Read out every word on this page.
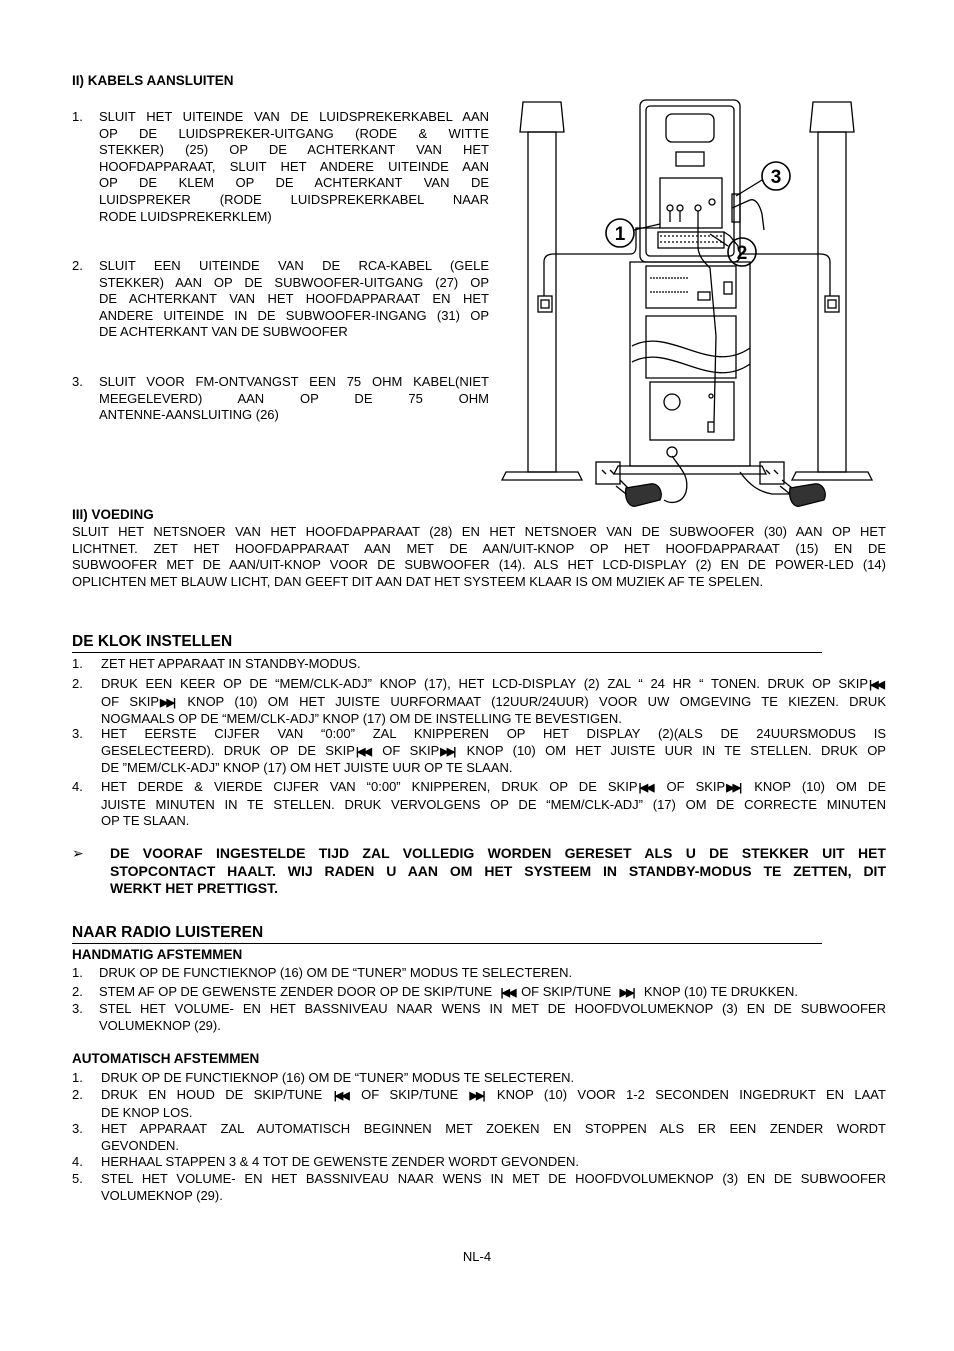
II) KABELS AANSLUITEN
1. SLUIT HET UITEINDE VAN DE LUIDSPREKERKABEL AAN
OP DE LUIDSPREKER-UITGANG (RODE & WITTE
STEKKER) (25) OP DE ACHTERKANT VAN HET
HOOFDAPPARAAT, SLUIT HET ANDERE UITEINDE AAN
OP DE KLEM OP DE ACHTERKANT VAN DE
LUIDSPREKER (RODE LUIDSPREKERKABEL NAAR
RODE LUIDSPREKERKLEM)
2. SLUIT EEN UITEINDE VAN DE RCA-KABEL (GELE
STEKKER) AAN OP DE SUBWOOFER-UITGANG (27) OP
DE ACHTERKANT VAN HET HOOFDAPPARAAT EN HET
ANDERE UITEINDE IN DE SUBWOOFER-INGANG (31) OP
DE ACHTERKANT VAN DE SUBWOOFER
3. SLUIT VOOR FM-ONTVANGST EEN 75 OHM KABEL(NIET
MEEGELEVERD) AAN OP DE 75 OHM
ANTENNE-AANSLUITING (26)
1
2
3
III) VOEDING
SLUIT HET NETSNOER VAN HET HOOFDAPPARAAT (28) EN HET NETSNOER VAN DE SUBWOOFER (30) AAN OP HET
LICHTNET. ZET HET HOOFDAPPARAAT AAN MET DE AAN/UIT-KNOP OP HET HOOFDAPPARAAT (15) EN DE
SUBWOOFER MET DE AAN/UIT-KNOP VOOR DE SUBWOOFER (14). ALS HET LCD-DISPLAY (2) EN DE POWER-LED (14)
OPLICHTEN MET BLAUW LICHT, DAN GEEFT DIT AAN DAT HET SYSTEEM KLAAR IS OM MUZIEK AF TE SPELEN.
DE KLOK INSTELLEN
1. ZET HET APPARAAT IN STANDBY-MODUS.
2. DRUK EEN KEER OP DE “MEM/CLK-ADJ” KNOP (17), HET LCD-DISPLAY (2) ZAL “ 24 HR “ TONEN. DRUK OP SKIP|◀◀
OF SKIP▶▶| KNOP (10) OM HET JUISTE UURFORMAAT (12UUR/24UUR) VOOR UW OMGEVING TE KIEZEN. DRUK
NOGMAALS OP DE “MEM/CLK-ADJ” KNOP (17) OM DE INSTELLING TE BEVESTIGEN.
3. HET EERSTE CIJFER VAN “0:00” ZAL KNIPPEREN OP HET DISPLAY (2)(ALS DE 24UURSMODUS IS
GESELECTEERD). DRUK OP DE SKIP|◀◀ OF SKIP▶▶| KNOP (10) OM HET JUISTE UUR IN TE STELLEN. DRUK OP
DE ”MEM/CLK-ADJ” KNOP (17) OM HET JUISTE UUR OP TE SLAAN.
4. HET DERDE & VIERDE CIJFER VAN “0:00” KNIPPEREN, DRUK OP DE SKIP|◀◀ OF SKIP▶▶| KNOP (10) OM DE
JUISTE MINUTEN IN TE STELLEN. DRUK VERVOLGENS OP DE “MEM/CLK-ADJ” (17) OM DE CORRECTE MINUTEN
OP TE SLAAN.
➢ DE VOORAF INGESTELDE TIJD ZAL VOLLEDIG WORDEN GERESET ALS U DE STEKKER UIT HET
STOPCONTACT HAALT. WIJ RADEN U AAN OM HET SYSTEEM IN STANDBY-MODUS TE ZETTEN, DIT
WERKT HET PRETTIGST.
NAAR RADIO LUISTEREN
HANDMATIG AFSTEMMEN
1. DRUK OP DE FUNCTIEKNOP (16) OM DE “TUNER” MODUS TE SELECTEREN.
2. STEM AF OP DE GEWENSTE ZENDER DOOR OP DE SKIP/TUNE |◀◀ OF SKIP/TUNE ▶▶| KNOP (10) TE DRUKKEN.
3. STEL HET VOLUME- EN HET BASSNIVEAU NAAR WENS IN MET DE HOOFDVOLUMEKNOP (3) EN DE SUBWOOFER
VOLUMEKNOP (29).
AUTOMATISCH AFSTEMMEN
1. DRUK OP DE FUNCTIEKNOP (16) OM DE “TUNER” MODUS TE SELECTEREN.
2. DRUK EN HOUD DE SKIP/TUNE |◀◀ OF SKIP/TUNE ▶▶| KNOP (10) VOOR 1-2 SECONDEN INGEDRUKT EN LAAT
DE KNOP LOS.
3. HET APPARAAT ZAL AUTOMATISCH BEGINNEN MET ZOEKEN EN STOPPEN ALS ER EEN ZENDER WORDT
GEVONDEN.
4. HERHAAL STAPPEN 3 & 4 TOT DE GEWENSTE ZENDER WORDT GEVONDEN.
5. STEL HET VOLUME- EN HET BASSNIVEAU NAAR WENS IN MET DE HOOFDVOLUMEKNOP (3) EN DE SUBWOOFER
VOLUMEKNOP (29).
NL-4
